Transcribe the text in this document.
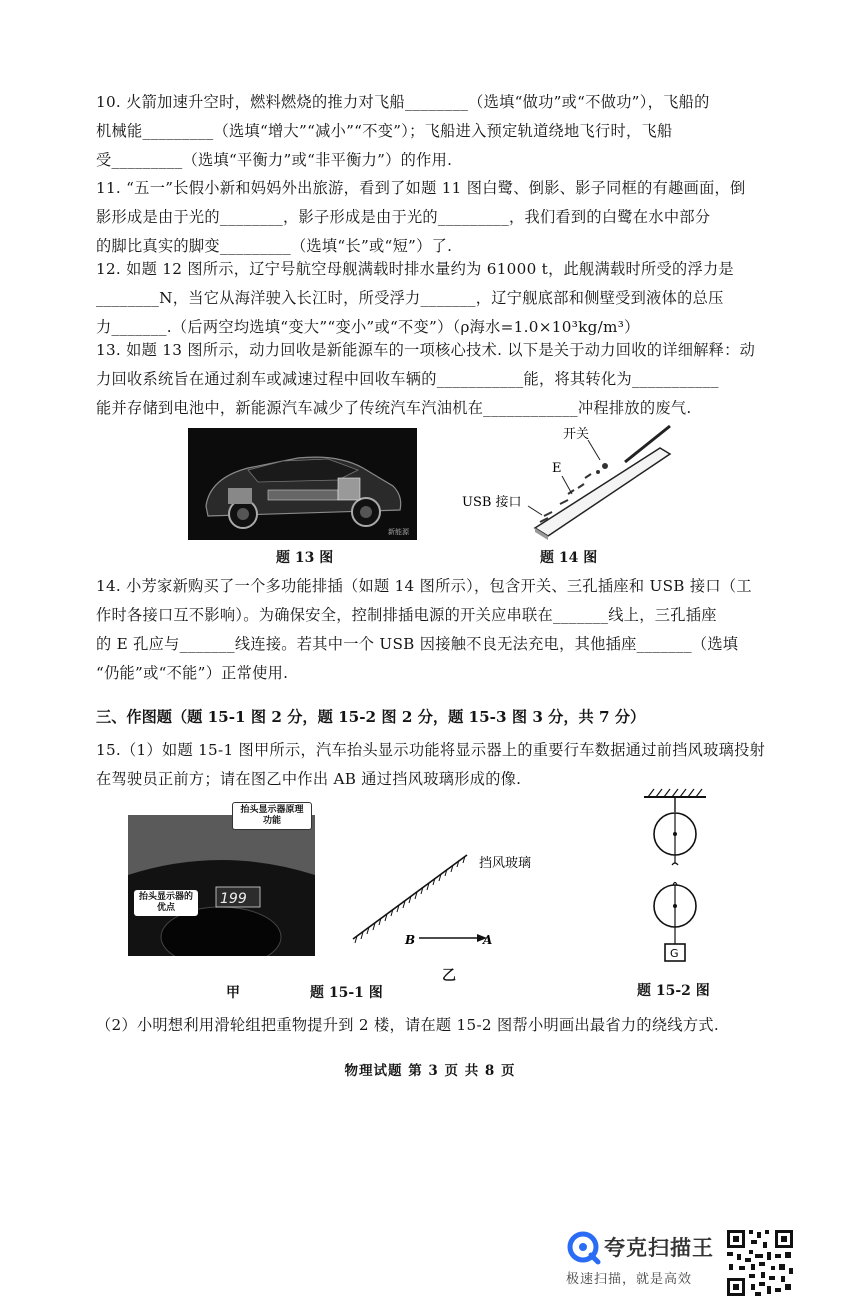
10. 火箭加速升空时，燃料燃烧的推力对飞船________（选填“做功”或“不做功”），飞船的
机械能_________（选填“增大”“减小”“不变”）；飞船进入预定轨道绕地飞行时，飞船
受_________（选填“平衡力”或“非平衡力”）的作用.
11. “五一”长假小新和妈妈外出旅游，看到了如题 11 图白鹭、倒影、影子同框的有趣画面，倒
影形成是由于光的________，影子形成是由于光的_________，我们看到的白鹭在水中部分
的脚比真实的脚变_________（选填“长”或“短”）了.
12. 如题 12 图所示，辽宁号航空母舰满载时排水量约为 61000 t，此舰满载时所受的浮力是
________N，当它从海洋驶入长江时，所受浮力_______，辽宁舰底部和侧壁受到液体的总压
力_______.（后两空均选填“变大”“变小”或“不变”）（ρ海水=1.0×10³kg/m³）
13. 如题 13 图所示，动力回收是新能源车的一项核心技术. 以下是关于动力回收的详细解释：动
力回收系统旨在通过刹车或减速过程中回收车辆的___________能，将其转化为___________
能并存储到电池中，新能源汽车减少了传统汽车汽油机在____________冲程排放的废气.
新能源
题 13 图
开关
E
USB 接口
题 14 图
14. 小芳家新购买了一个多功能排插（如题 14 图所示），包含开关、三孔插座和 USB 接口（工
作时各接口互不影响）。为确保安全，控制排插电源的开关应串联在_______线上，三孔插座
的 E 孔应与_______线连接。若其中一个 USB 因接触不良无法充电，其他插座_______（选填
“仍能”或“不能”）正常使用.
三、作图题（题 15-1 图 2 分，题 15-2 图 2 分，题 15-3 图 3 分，共 7 分）
15.（1）如题 15-1 图甲所示，汽车抬头显示功能将显示器上的重要行车数据通过前挡风玻璃投射
在驾驶员正前方；请在图乙中作出 AB 通过挡风玻璃形成的像.
199
抬头显示器原理功能
抬头显示器的优点
甲
B	A
挡风玻璃
乙
题 15-1 图
G
题 15-2 图
（2）小明想利用滑轮组把重物提升到 2 楼，请在题 15-2 图帮小明画出最省力的绕线方式.
物理试题 第 3 页 共 8 页
夸克扫描王
极速扫描，就是高效
